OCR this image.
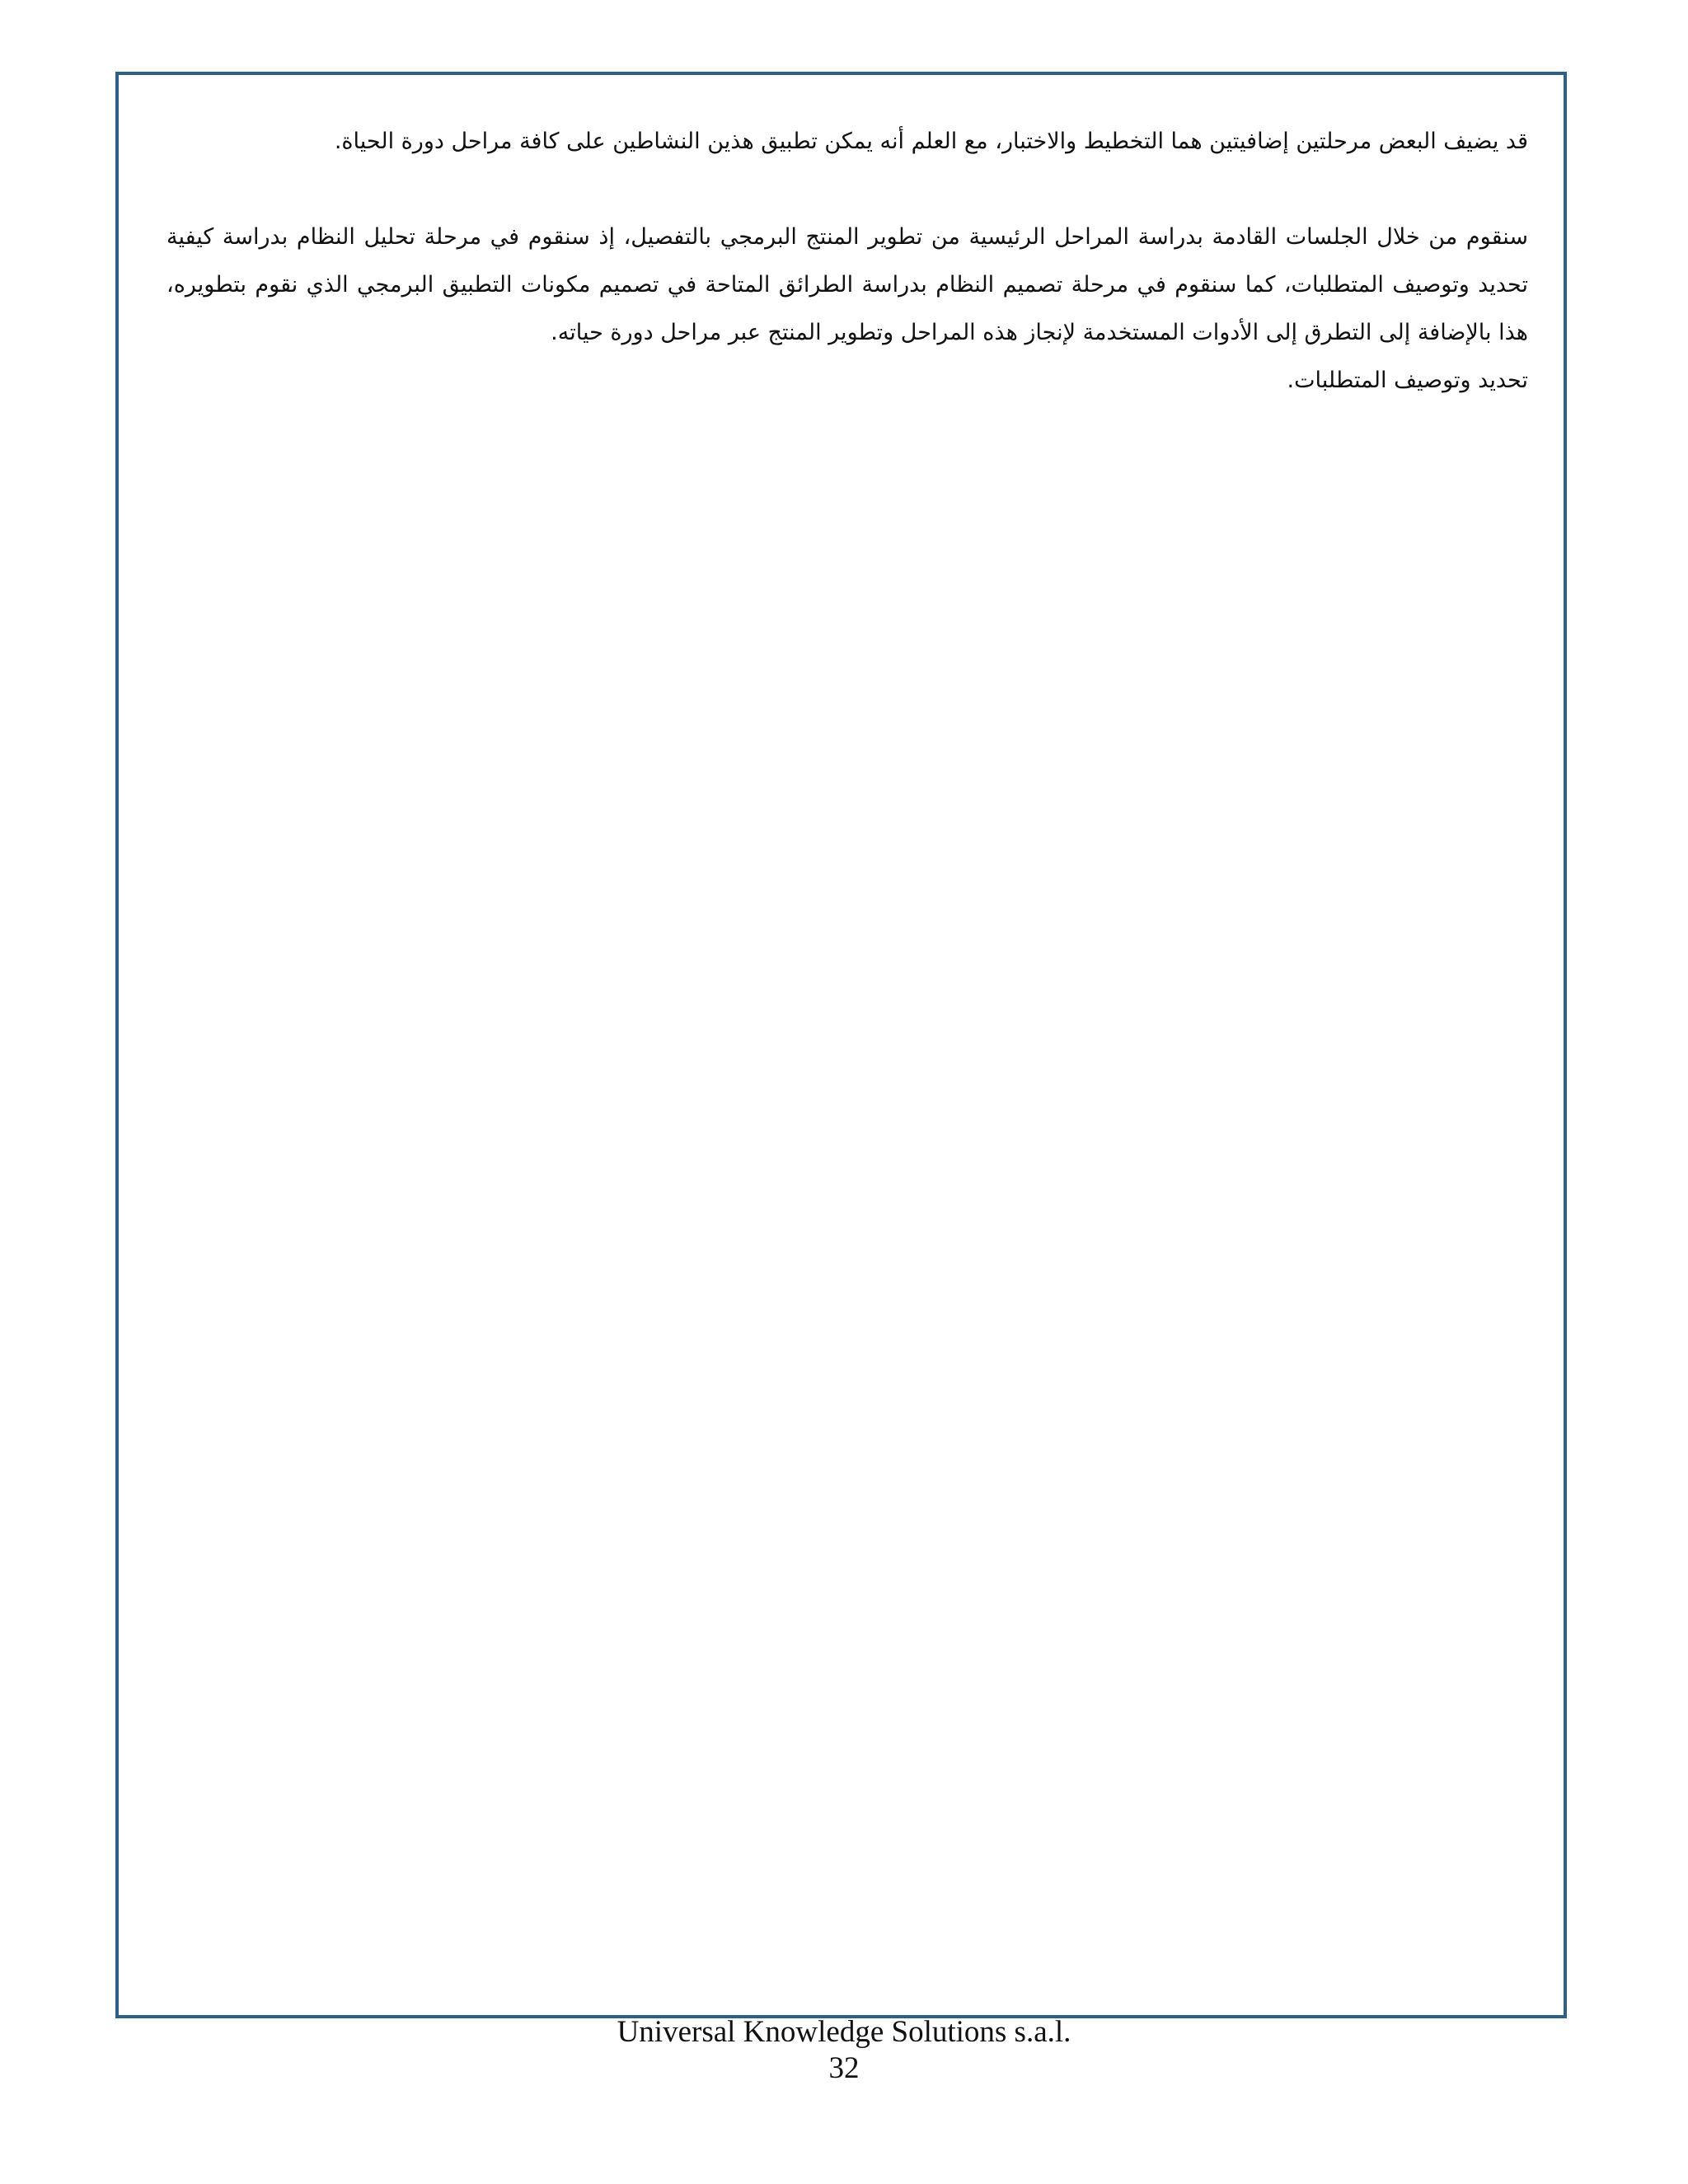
قد يضيف البعض مرحلتين إضافيتين هما التخطيط والاختبار، مع العلم أنه يمكن تطبيق هذين النشاطين على كافة مراحل دورة الحياة.

سنقوم من خلال الجلسات القادمة بدراسة المراحل الرئيسية من تطوير المنتج البرمجي بالتفصيل، إذ سنقوم في مرحلة تحليل النظام بدراسة كيفية تحديد وتوصيف المتطلبات، كما سنقوم في مرحلة تصميم النظام بدراسة الطرائق المتاحة في تصميم مكونات التطبيق البرمجي الذي نقوم بتطويره، هذا بالإضافة إلى التطرق إلى الأدوات المستخدمة لإنجاز هذه المراحل وتطوير المنتج عبر مراحل دورة حياته.

تحديد وتوصيف المتطلبات.

Universal Knowledge Solutions s.a.l.
32
